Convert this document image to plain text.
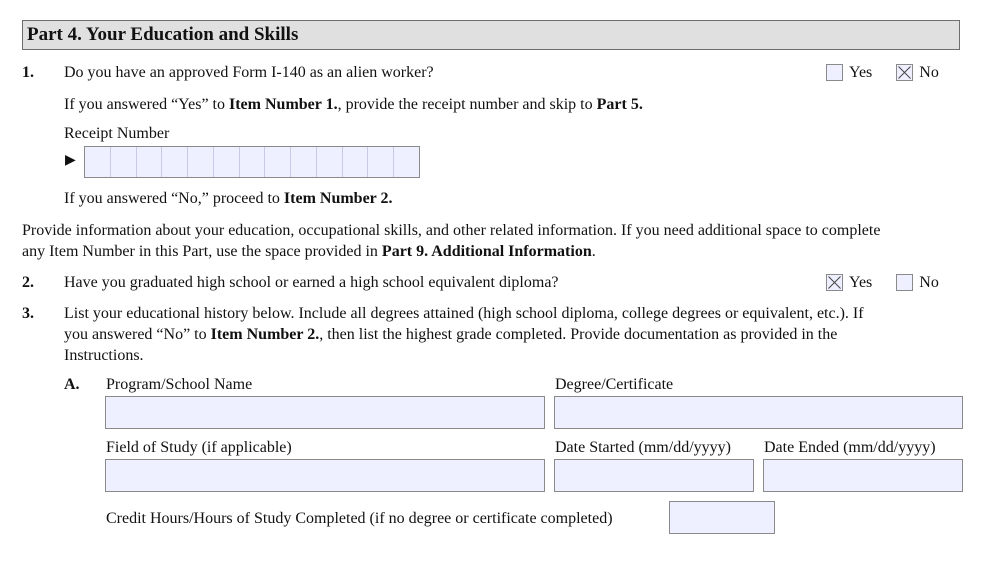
Part 4. Your Education and Skills
1. Do you have an approved Form I-140 as an alien worker?	Yes
	No
If you answered “Yes” to Item Number 1., provide the receipt number and skip to Part 5.
Receipt Number
▶
If you answered “No,” proceed to Item Number 2.
Provide information about your education, occupational skills, and other related information. If you need additional space to complete
any Item Number in this Part, use the space provided in Part 9. Additional Information.
2. Have you graduated high school or earned a high school equivalent diploma?	Yes
	No
3. List your educational history below. Include all degrees attained (high school diploma, college degrees or equivalent, etc.). If
you answered “No” to Item Number 2., then list the highest grade completed. Provide documentation as provided in the
Instructions.
A. Program/School Name	Degree/Certificate
Field of Study (if applicable)	Date Started (mm/dd/yyyy) Date Ended (mm/dd/yyyy)
Credit Hours/Hours of Study Completed (if no degree or certificate completed)
